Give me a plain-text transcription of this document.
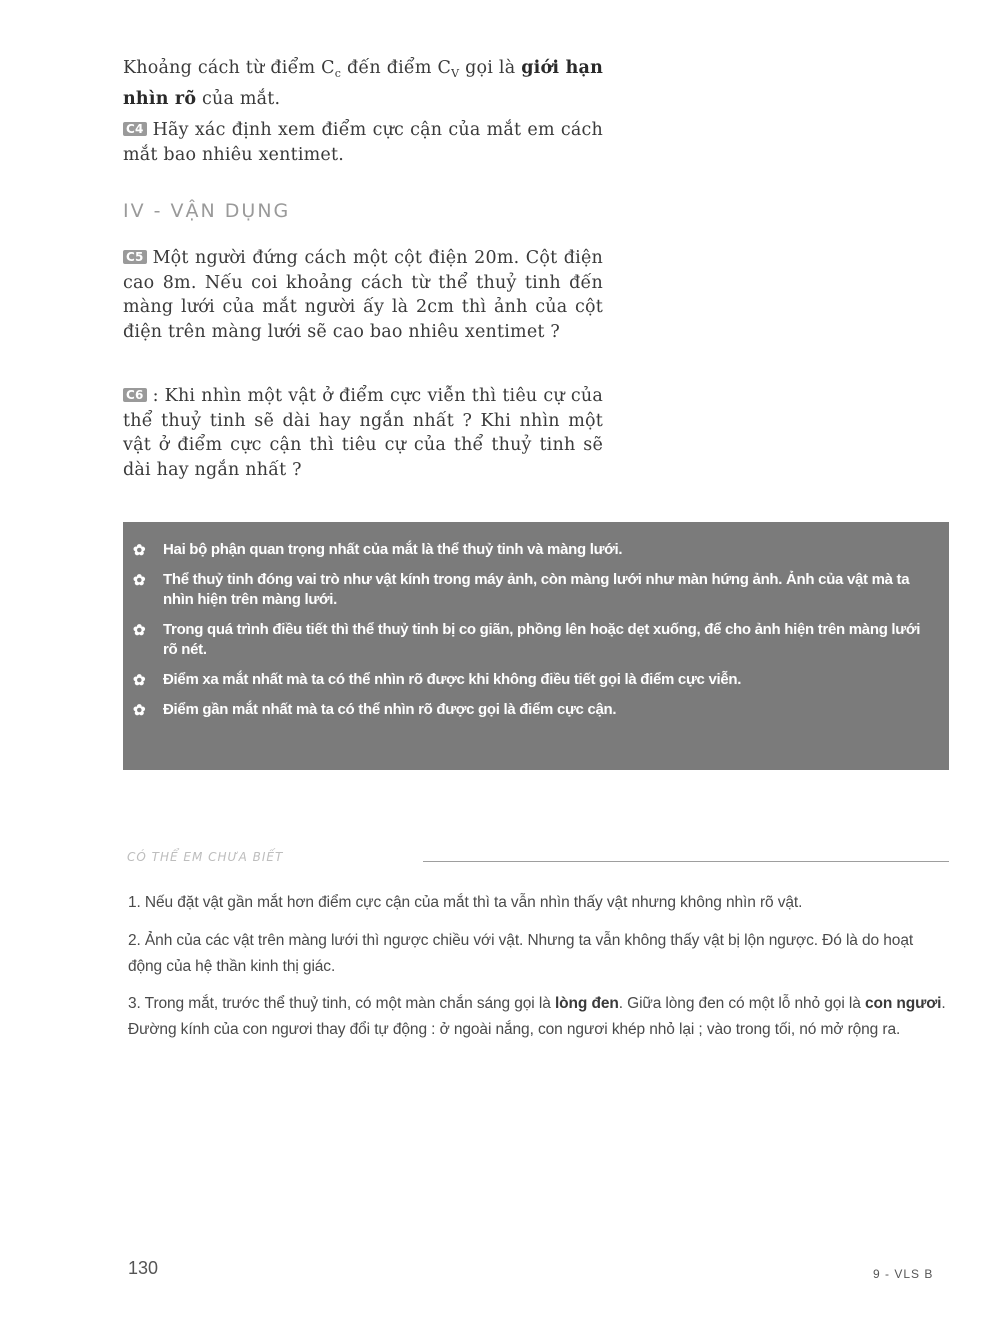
Khoảng cách từ điểm $C_c$ đến điểm $C_V$ gọi là giới hạn nhìn rõ của mắt.

C4 Hãy xác định xem điểm cực cận của mắt em cách mắt bao nhiêu xentimet.

IV - VẬN DỤNG

C5 Một người đứng cách một cột điện 20m. Cột điện cao 8m. Nếu coi khoảng cách từ thể thuỷ tinh đến màng lưới của mắt người ấy là 2cm thì ảnh của cột điện trên màng lưới sẽ cao bao nhiêu xentimet ?

C6 : Khi nhìn một vật ở điểm cực viễn thì tiêu cự của thể thuỷ tinh sẽ dài hay ngắn nhất ? Khi nhìn một vật ở điểm cực cận thì tiêu cự của thể thuỷ tinh sẽ dài hay ngắn nhất ?

✿ Hai bộ phận quan trọng nhất của mắt là thể thuỷ tinh và màng lưới.
✿ Thể thuỷ tinh đóng vai trò như vật kính trong máy ảnh, còn màng lưới như màn hứng ảnh. Ảnh của vật mà ta nhìn hiện trên màng lưới.
✿ Trong quá trình điều tiết thì thể thuỷ tinh bị co giãn, phồng lên hoặc dẹt xuống, để cho ảnh hiện trên màng lưới rõ nét.
✿ Điểm xa mắt nhất mà ta có thể nhìn rõ được khi không điều tiết gọi là điểm cực viễn.
✿ Điểm gần mắt nhất mà ta có thể nhìn rõ được gọi là điểm cực cận.
CÓ THỂ EM CHƯA BIẾT

1. Nếu đặt vật gần mắt hơn điểm cực cận của mắt thì ta vẫn nhìn thấy vật nhưng không nhìn rõ vật.

2. Ảnh của các vật trên màng lưới thì ngược chiều với vật. Nhưng ta vẫn không thấy vật bị lộn ngược. Đó là do hoạt động của hệ thần kinh thị giác.

3. Trong mắt, trước thể thuỷ tinh, có một màn chắn sáng gọi là lòng đen. Giữa lòng đen có một lỗ nhỏ gọi là con ngươi. Đường kính của con ngươi thay đổi tự động : ở ngoài nắng, con ngươi khép nhỏ lại ; vào trong tối, nó mở rộng ra.

130	9 - VLS B
